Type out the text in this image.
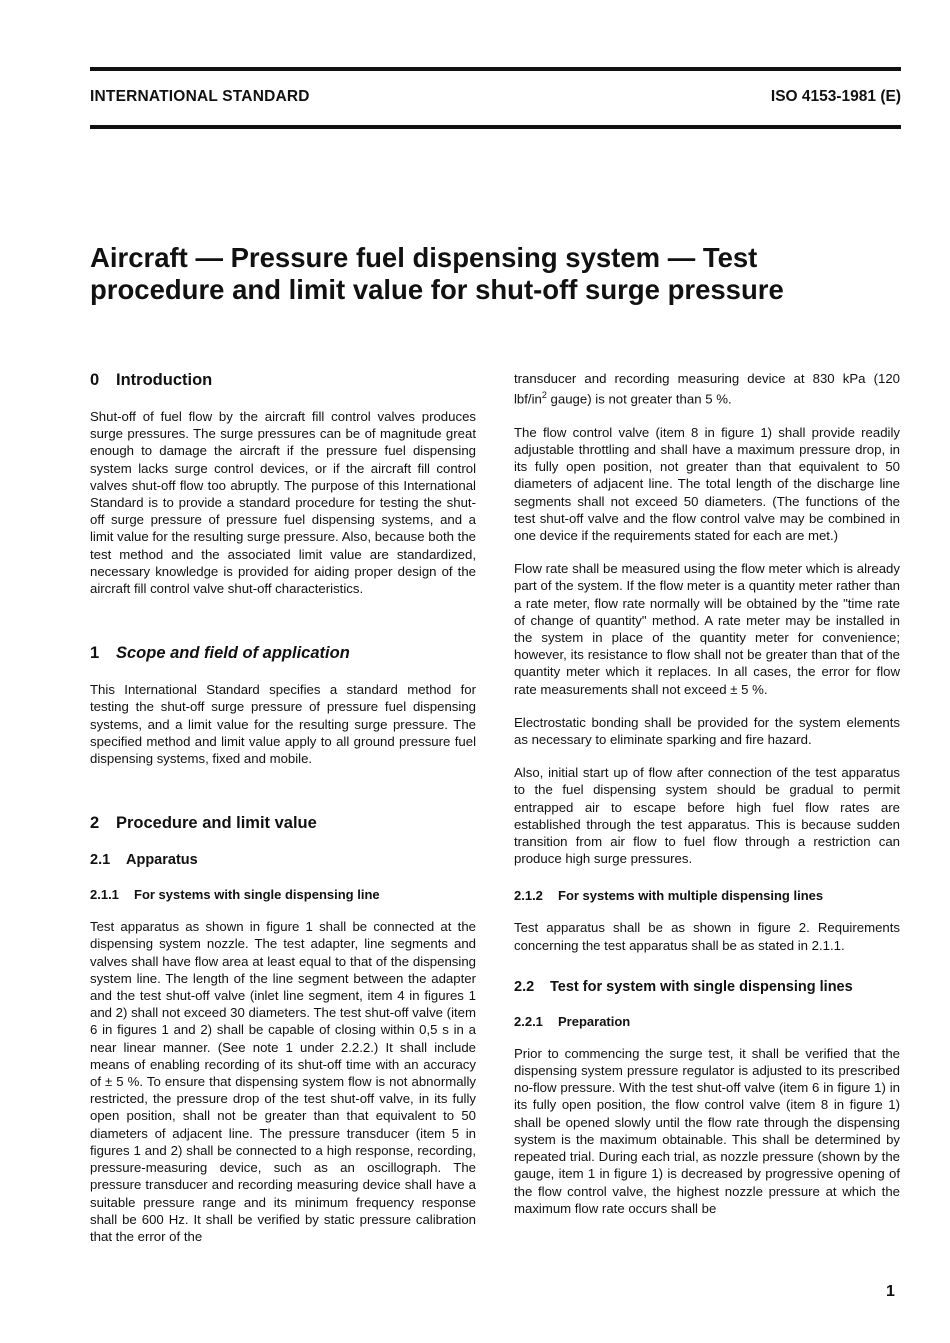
INTERNATIONAL STANDARD	ISO 4153-1981 (E)
Aircraft — Pressure fuel dispensing system — Test
procedure and limit value for shut-off surge pressure
0 Introduction

Shut-off of fuel flow by the aircraft fill control valves produces surge pressures. The surge pressures can be of magnitude great enough to damage the aircraft if the pressure fuel dispensing system lacks surge control devices, or if the aircraft fill control valves shut-off flow too abruptly. The purpose of this International Standard is to provide a standard procedure for testing the shut-off surge pressure of pressure fuel dispensing systems, and a limit value for the resulting surge pressure. Also, because both the test method and the associated limit value are standardized, necessary knowledge is provided for aiding proper design of the aircraft fill control valve shut-off characteristics.

1 Scope and field of application

This International Standard specifies a standard method for testing the shut-off surge pressure of pressure fuel dispensing systems, and a limit value for the resulting surge pressure. The specified method and limit value apply to all ground pressure fuel dispensing systems, fixed and mobile.

2 Procedure and limit value
2.1 Apparatus
2.1.1 For systems with single dispensing line

Test apparatus as shown in figure 1 shall be connected at the dispensing system nozzle. The test adapter, line segments and valves shall have flow area at least equal to that of the dispensing system line. The length of the line segment between the adapter and the test shut-off valve (inlet line segment, item 4 in figures 1 and 2) shall not exceed 30 diameters. The test shut-off valve (item 6 in figures 1 and 2) shall be capable of closing within 0,5 s in a near linear manner. (See note 1 under 2.2.2.) It shall include means of enabling recording of its shut-off time with an accuracy of ± 5 %. To ensure that dispensing system flow is not abnormally restricted, the pressure drop of the test shut-off valve, in its fully open position, shall not be greater than that equivalent to 50 diameters of adjacent line. The pressure transducer (item 5 in figures 1 and 2) shall be connected to a high response, recording, pressure-measuring device, such as an oscillograph. The pressure transducer and recording measuring device shall have a suitable pressure range and its minimum frequency response shall be 600 Hz. It shall be verified by static pressure calibration that the error of the

transducer and recording measuring device at 830 kPa (120 lbf/$in^2$ gauge) is not greater than 5 %.

The flow control valve (item 8 in figure 1) shall provide readily adjustable throttling and shall have a maximum pressure drop, in its fully open position, not greater than that equivalent to 50 diameters of adjacent line. The total length of the discharge line segments shall not exceed 50 diameters. (The functions of the test shut-off valve and the flow control valve may be combined in one device if the requirements stated for each are met.)

Flow rate shall be measured using the flow meter which is already part of the system. If the flow meter is a quantity meter rather than a rate meter, flow rate normally will be obtained by the "time rate of change of quantity" method. A rate meter may be installed in the system in place of the quantity meter for convenience; however, its resistance to flow shall not be greater than that of the quantity meter which it replaces. In all cases, the error for flow rate measurements shall not exceed ± 5 %.

Electrostatic bonding shall be provided for the system elements as necessary to eliminate sparking and fire hazard.

Also, initial start up of flow after connection of the test apparatus to the fuel dispensing system should be gradual to permit entrapped air to escape before high fuel flow rates are established through the test apparatus. This is because sudden transition from air flow to fuel flow through a restriction can produce high surge pressures.

2.1.2 For systems with multiple dispensing lines

Test apparatus shall be as shown in figure 2. Requirements concerning the test apparatus shall be as stated in 2.1.1.

2.2 Test for system with single dispensing lines
2.2.1 Preparation

Prior to commencing the surge test, it shall be verified that the dispensing system pressure regulator is adjusted to its prescribed no-flow pressure. With the test shut-off valve (item 6 in figure 1) in its fully open position, the flow control valve (item 8 in figure 1) shall be opened slowly until the flow rate through the dispensing system is the maximum obtainable. This shall be determined by repeated trial. During each trial, as nozzle pressure (shown by the gauge, item 1 in figure 1) is decreased by progressive opening of the flow control valve, the highest nozzle pressure at which the maximum flow rate occurs shall be

1
